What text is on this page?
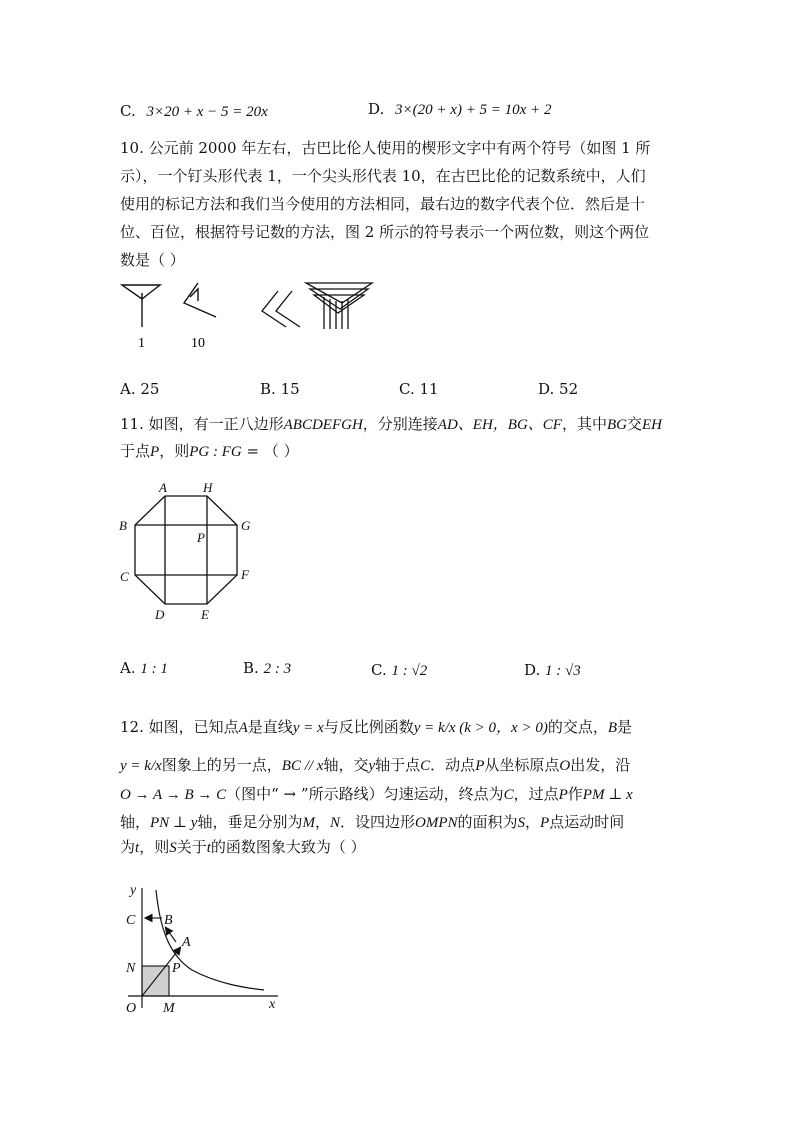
C. 3×20 + x − 5 = 20x	D. 3×(20 + x) + 5 = 10x + 2
10. 公元前 2000 年左右，古巴比伦人使用的楔形文字中有两个符号（如图 1 所
示），一个钉头形代表 1，一个尖头形代表 10，在古巴比伦的记数系统中，人们
使用的标记方法和我们当今使用的方法相同，最右边的数字代表个位．然后是十
位、百位，根据符号记数的方法，图 2 所示的符号表示一个两位数，则这个两位
数是（ ）
1	10
A. 25	B. 15	C. 11	D. 52
11. 如图，有一正八边形ABCDEFGH，分别连接AD、EH，BG、CF，其中BG交EH
于点P，则PG : FG = （ ）
A	H
B	G
P
C	F
D	E
A. 1 : 1	B. 2 : 3	C. 1 : √2	D. 1 : √3
12. 如图，已知点A是直线y = x与反比例函数y = k/x (k > 0，x > 0)的交点，B是
y = k/x图象上的另一点，BC // x轴，交y轴于点C．动点P从坐标原点O出发，沿
O → A → B → C（图中“ → ”所示路线）匀速运动，终点为C，过点P作PM ⊥ x
轴，PN ⊥ y轴，垂足分别为M，N．设四边形OMPN的面积为S，P点运动时间
为t，则S关于t的函数图象大致为（ ）
y
x
O M
N	P
A
B
C
